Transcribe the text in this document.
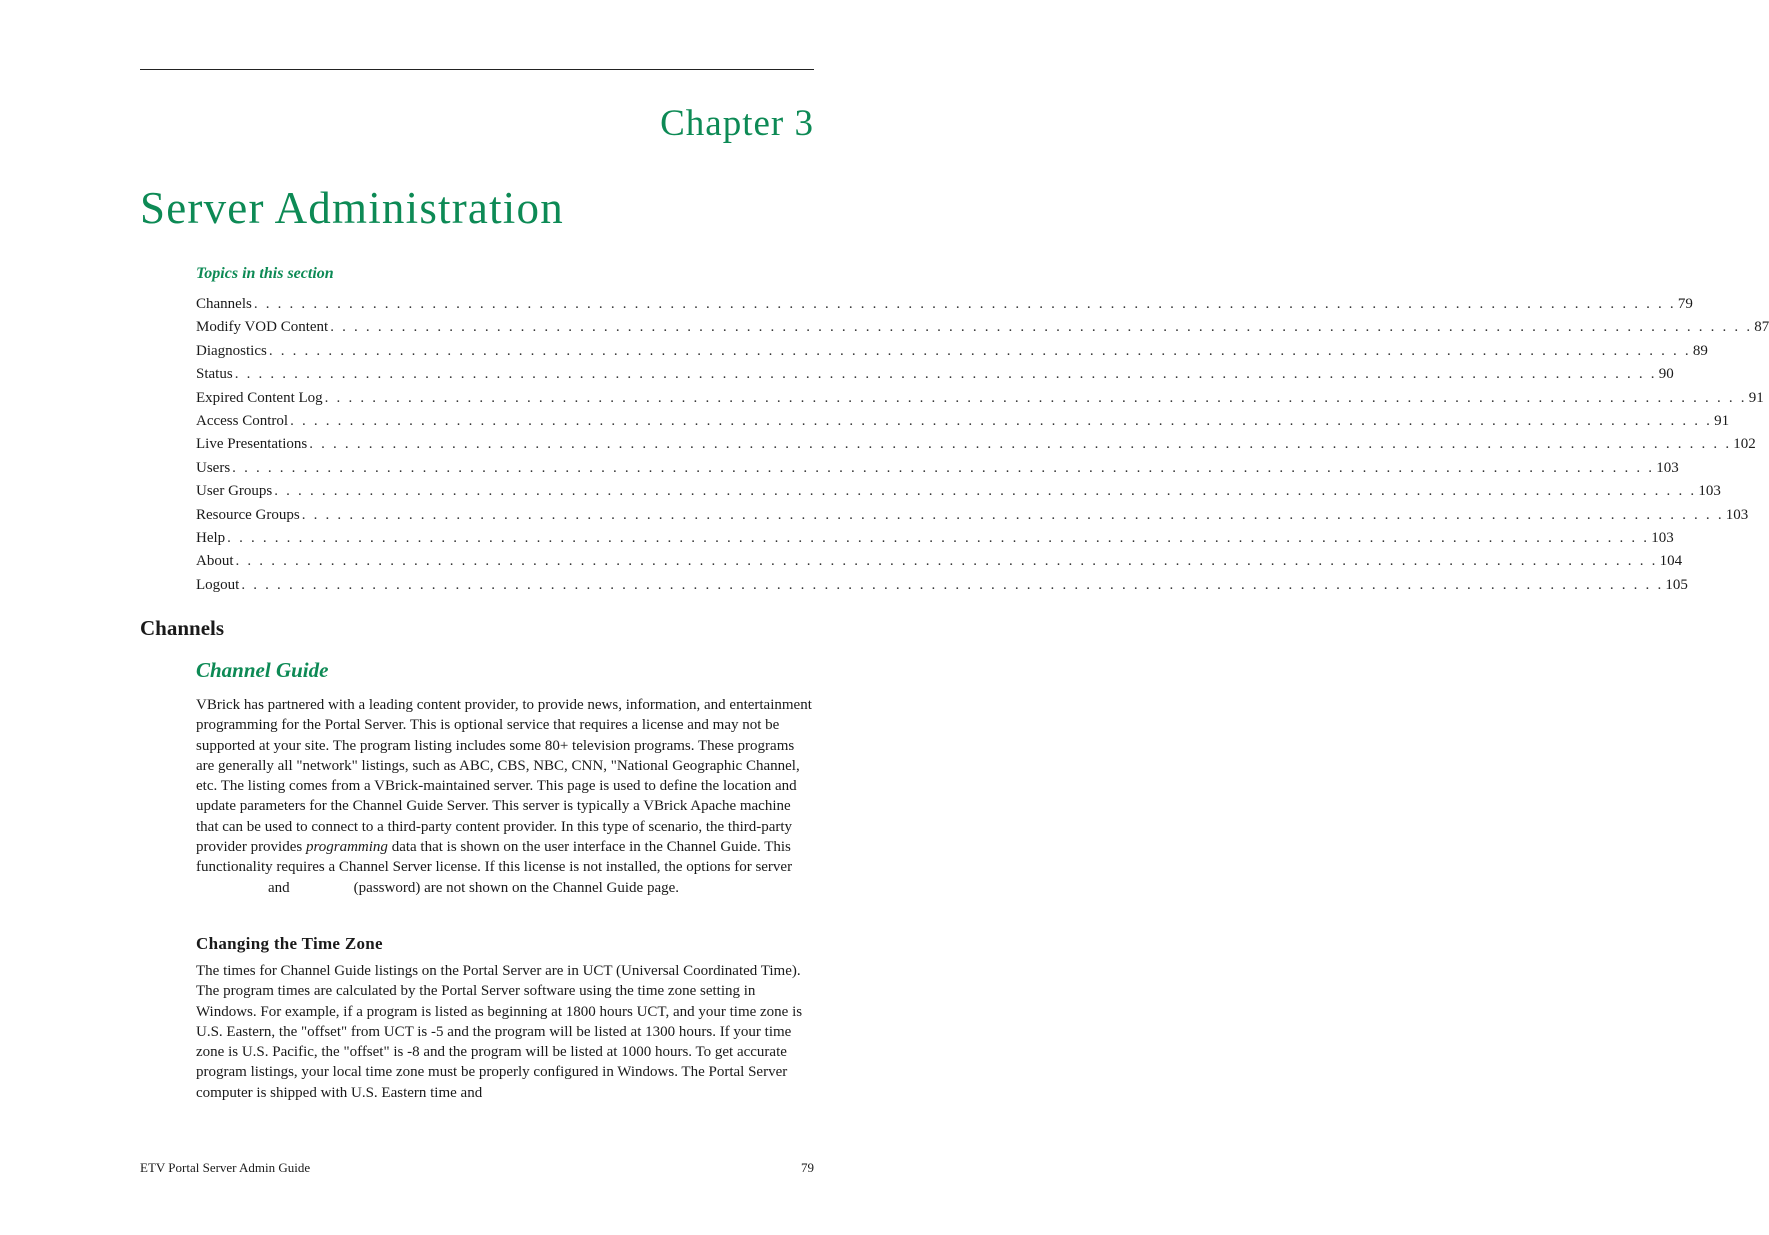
Chapter 3
Server Administration
Topics in this section
Channels . . . . . . . . . . . . . . . . . . . . . . . . . . . . . . . . . . . . . . . . . . . . . . . . . . . . . . . . . . . . . . . . . . . . . . . . . . . . . . . . . . . . . . . . . . . . . . . . . . . . . . . . . . . . . . . . . . . . . . . . 79
Modify VOD Content . . . . . . . . . . . . . . . . . . . . . . . . . . . . . . . . . . . . . . . . . . . . . . . . . . . . . . . . . . . . . . . . . . . . . . . . . . . . . . . . . . . . . . . . . . . . . . . . . . . . . . . . . . . . . . . . . . . . . . . . 87
Diagnostics . . . . . . . . . . . . . . . . . . . . . . . . . . . . . . . . . . . . . . . . . . . . . . . . . . . . . . . . . . . . . . . . . . . . . . . . . . . . . . . . . . . . . . . . . . . . . . . . . . . . . . . . . . . . . . . . . . . . . . . . 89
Status . . . . . . . . . . . . . . . . . . . . . . . . . . . . . . . . . . . . . . . . . . . . . . . . . . . . . . . . . . . . . . . . . . . . . . . . . . . . . . . . . . . . . . . . . . . . . . . . . . . . . . . . . . . . . . . . . . . . . . . . 90
Expired Content Log . . . . . . . . . . . . . . . . . . . . . . . . . . . . . . . . . . . . . . . . . . . . . . . . . . . . . . . . . . . . . . . . . . . . . . . . . . . . . . . . . . . . . . . . . . . . . . . . . . . . . . . . . . . . . . . . . . . . . . . . 91
Access Control . . . . . . . . . . . . . . . . . . . . . . . . . . . . . . . . . . . . . . . . . . . . . . . . . . . . . . . . . . . . . . . . . . . . . . . . . . . . . . . . . . . . . . . . . . . . . . . . . . . . . . . . . . . . . . . . . . . . . . . . 91
Live Presentations . . . . . . . . . . . . . . . . . . . . . . . . . . . . . . . . . . . . . . . . . . . . . . . . . . . . . . . . . . . . . . . . . . . . . . . . . . . . . . . . . . . . . . . . . . . . . . . . . . . . . . . . . . . . . . . . . . . . . . . . 102
Users . . . . . . . . . . . . . . . . . . . . . . . . . . . . . . . . . . . . . . . . . . . . . . . . . . . . . . . . . . . . . . . . . . . . . . . . . . . . . . . . . . . . . . . . . . . . . . . . . . . . . . . . . . . . . . . . . . . . . . . . 103
User Groups . . . . . . . . . . . . . . . . . . . . . . . . . . . . . . . . . . . . . . . . . . . . . . . . . . . . . . . . . . . . . . . . . . . . . . . . . . . . . . . . . . . . . . . . . . . . . . . . . . . . . . . . . . . . . . . . . . . . . . . . 103
Resource Groups . . . . . . . . . . . . . . . . . . . . . . . . . . . . . . . . . . . . . . . . . . . . . . . . . . . . . . . . . . . . . . . . . . . . . . . . . . . . . . . . . . . . . . . . . . . . . . . . . . . . . . . . . . . . . . . . . . . . . . . . 103
Help . . . . . . . . . . . . . . . . . . . . . . . . . . . . . . . . . . . . . . . . . . . . . . . . . . . . . . . . . . . . . . . . . . . . . . . . . . . . . . . . . . . . . . . . . . . . . . . . . . . . . . . . . . . . . . . . . . . . . . . . 103
About . . . . . . . . . . . . . . . . . . . . . . . . . . . . . . . . . . . . . . . . . . . . . . . . . . . . . . . . . . . . . . . . . . . . . . . . . . . . . . . . . . . . . . . . . . . . . . . . . . . . . . . . . . . . . . . . . . . . . . . . 104
Logout . . . . . . . . . . . . . . . . . . . . . . . . . . . . . . . . . . . . . . . . . . . . . . . . . . . . . . . . . . . . . . . . . . . . . . . . . . . . . . . . . . . . . . . . . . . . . . . . . . . . . . . . . . . . . . . . . . . . . . . . 105
Channels
Channel Guide

VBrick has partnered with a leading content provider, to provide news, information, and entertainment programming for the Portal Server. This is optional service that requires a license and may not be supported at your site. The program listing includes some 80+ television programs. These programs are generally all "network" listings, such as ABC, CBS, NBC, CNN, "National Geographic Channel, etc. The listing comes from a VBrick-maintained server. This page is used to define the location and update parameters for the Channel Guide Server. This server is typically a VBrick Apache machine that can be used to connect to a third-party content provider. In this type of scenario, the third-party provider provides programming data that is shown on the user interface in the Channel Guide. This functionality requires a Channel Server license. If this license is not installed, the options for serverand	(password) are not shown on the Channel Guide page.

Changing the Time Zone

The times for Channel Guide listings on the Portal Server are in UCT (Universal Coordinated Time). The program times are calculated by the Portal Server software using the time zone setting in Windows. For example, if a program is listed as beginning at 1800 hours UCT, and your time zone is U.S. Eastern, the "offset" from UCT is -5 and the program will be listed at 1300 hours. If your time zone is U.S. Pacific, the "offset" is -8 and the program will be listed at 1000 hours. To get accurate program listings, your local time zone must be properly configured in Windows. The Portal Server computer is shipped with U.S. Eastern time and

ETV Portal Server Admin Guide	79
